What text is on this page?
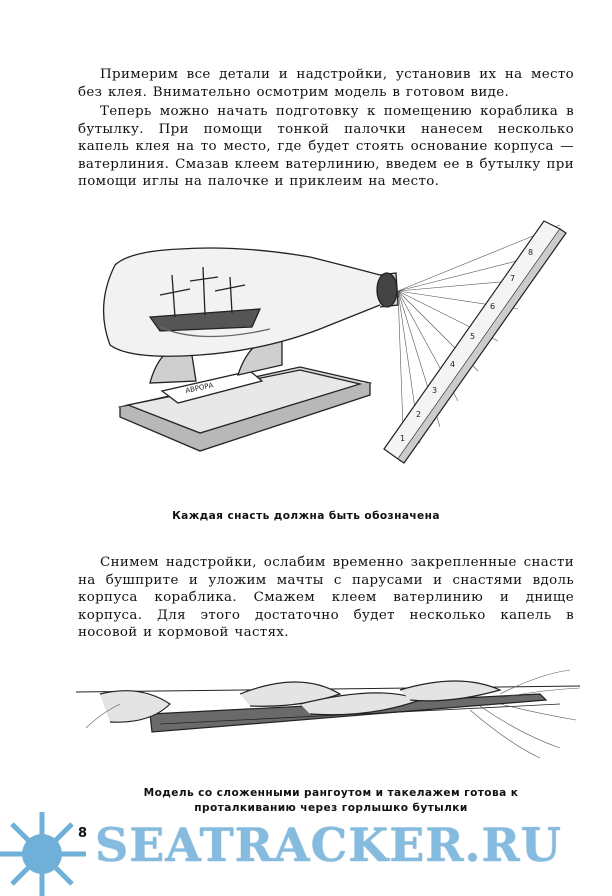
Примерим все детали и надстройки, установив их на место без клея. Внимательно осмотрим модель в готовом виде.

Теперь можно начать подготовку к помещению кораблика в бутылку. При помощи тонкой палочки нанесем несколько капель клея на то место, где будет стоять основание корпуса — ватерлиния. Смазав клеем ватерлинию, введем ее в бутылку при помощи иглы на палочке и приклеим на место.

1
2
3
4
5
6
7
8
АВРОРА

Каждая снасть должна быть обозначена

Снимем надстройки, ослабим временно закрепленные снасти на бушприте и уложим мачты с парусами и снастями вдоль корпуса кораблика. Смажем клеем ватерлинию и днище корпуса. Для этого достаточно будет несколько капель в носовой и кормовой частях.

Модель со сложенными рангоутом и такелажем готова к проталкиванию через горлышко бутылки

8 SEATRACKER.RU
